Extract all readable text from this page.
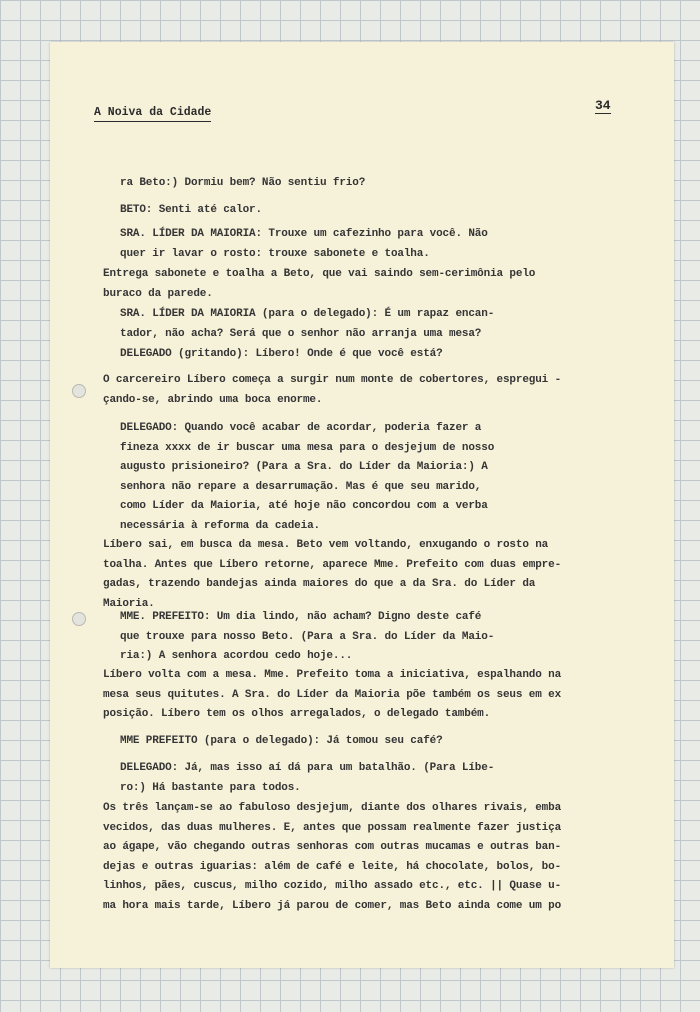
A Noiva da Cidade	34
ra Beto:) Dormiu bem? Não sentiu frio?
BETO: Senti até calor.
SRA. LÍDER DA MAIORIA: Trouxe um cafezinho para você. Não
quer ir lavar o rosto: trouxe sabonete e toalha.
Entrega sabonete e toalha a Beto, que vai saindo sem-cerimônia pelo
buraco da parede.
SRA. LÍDER DA MAIORIA (para o delegado): É um rapaz encan-
tador, não acha? Será que o senhor não arranja uma mesa?
DELEGADO (gritando): Líbero! Onde é que você está?
O carcereiro Líbero começa a surgir num monte de cobertores, espregui -
çando-se, abrindo uma boca enorme.
DELEGADO: Quando você acabar de acordar, poderia fazer a
fineza xxxx de ir buscar uma mesa para o desjejum de nosso
augusto prisioneiro? (Para a Sra. do Líder da Maioria:) A
senhora não repare a desarrumação. Mas é que seu marido,
como Líder da Maioria, até hoje não concordou com a verba
necessária à reforma da cadeia.
Líbero sai, em busca da mesa. Beto vem voltando, enxugando o rosto na
toalha. Antes que Líbero retorne, aparece Mme. Prefeito com duas empre-
gadas, trazendo bandejas ainda maiores do que a da Sra. do Líder da
Maioria.
MME. PREFEITO: Um dia lindo, não acham? Digno deste café
que trouxe para nosso Beto. (Para a Sra. do Líder da Maio-
ria:) A senhora acordou cedo hoje...
Líbero volta com a mesa. Mme. Prefeito toma a iniciativa, espalhando na
mesa seus quitutes. A Sra. do Líder da Maioria põe também os seus em ex
posição. Líbero tem os olhos arregalados, o delegado também.
MME PREFEITO (para o delegado): Já tomou seu café?
DELEGADO: Já, mas isso aí dá para um batalhão. (Para Líbe-
ro:) Há bastante para todos.
Os três lançam-se ao fabuloso desjejum, diante dos olhares rivais, emba
vecidos, das duas mulheres. E, antes que possam realmente fazer justiça
ao ágape, vão chegando outras senhoras com outras mucamas e outras ban-
dejas e outras iguarias: além de café e leite, há chocolate, bolos, bo-
linhos, pães, cuscus, milho cozido, milho assado etc., etc. || Quase u-
ma hora mais tarde, Líbero já parou de comer, mas Beto ainda come um po
